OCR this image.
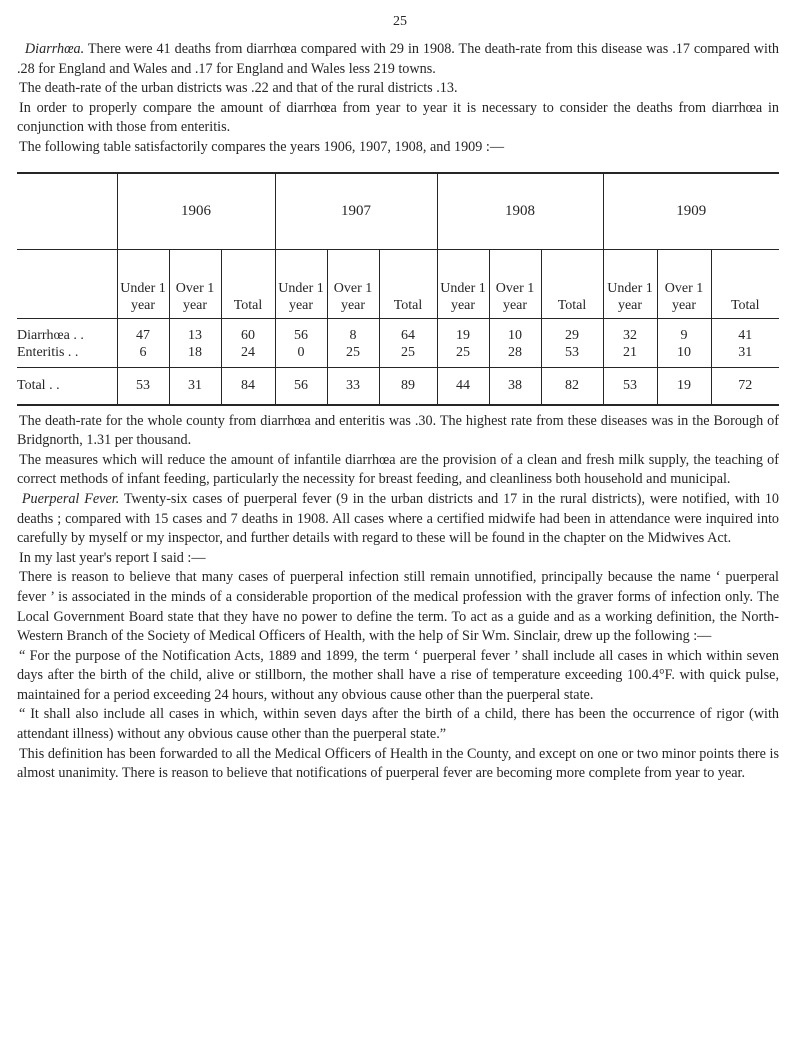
25

Diarrhœa. There were 41 deaths from diarrhœa compared with 29 in 1908. The death-rate from this disease was .17 compared with .28 for England and Wales and .17 for England and Wales less 219 towns.

The death-rate of the urban districts was .22 and that of the rural districts .13.

In order to properly compare the amount of diarrhœa from year to year it is necessary to consider the deaths from diarrhœa in conjunction with those from enteritis.

The following table satisfactorily compares the years 1906, 1907, 1908, and 1909 :—

	1906			1907			1908			1909		
	Under 1 year	Over 1 year	Total	Under 1 year	Over 1 year	Total	Under 1 year	Over 1 year	Total	Under 1 year	Over 1 year	Total
Diarrhœa . .	47	13	60	56	8	64	19	10	29	32	9	41
Enteritis . .	6	18	24	0	25	25	25	28	53	21	10	31
Total . .	53	31	84	56	33	89	44	38	82	53	19	72

The death-rate for the whole county from diarrhœa and enteritis was .30. The highest rate from these diseases was in the Borough of Bridgnorth, 1.31 per thousand.

The measures which will reduce the amount of infantile diarrhœa are the provision of a clean and fresh milk supply, the teaching of correct methods of infant feeding, particularly the necessity for breast feeding, and cleanliness both household and municipal.

Puerperal Fever. Twenty-six cases of puerperal fever (9 in the urban districts and 17 in the rural districts), were notified, with 10 deaths ; compared with 15 cases and 7 deaths in 1908. All cases where a certified midwife had been in attendance were inquired into carefully by myself or my inspector, and further details with regard to these will be found in the chapter on the Midwives Act.

In my last year's report I said :—

There is reason to believe that many cases of puerperal infection still remain unnotified, principally because the name ‘ puerperal fever ’ is associated in the minds of a considerable proportion of the medical profession with the graver forms of infection only. The Local Government Board state that they have no power to define the term. To act as a guide and as a working definition, the North-Western Branch of the Society of Medical Officers of Health, with the help of Sir Wm. Sinclair, drew up the following :—

“ For the purpose of the Notification Acts, 1889 and 1899, the term ‘ puerperal fever ’ shall include all cases in which within seven days after the birth of the child, alive or stillborn, the mother shall have a rise of temperature exceeding 100.4°F. with quick pulse, maintained for a period exceeding 24 hours, without any obvious cause other than the puerperal state.

“ It shall also include all cases in which, within seven days after the birth of a child, there has been the occurrence of rigor (with attendant illness) without any obvious cause other than the puerperal state.”

This definition has been forwarded to all the Medical Officers of Health in the County, and except on one or two minor points there is almost unanimity. There is reason to believe that notifications of puerperal fever are becoming more complete from year to year.
